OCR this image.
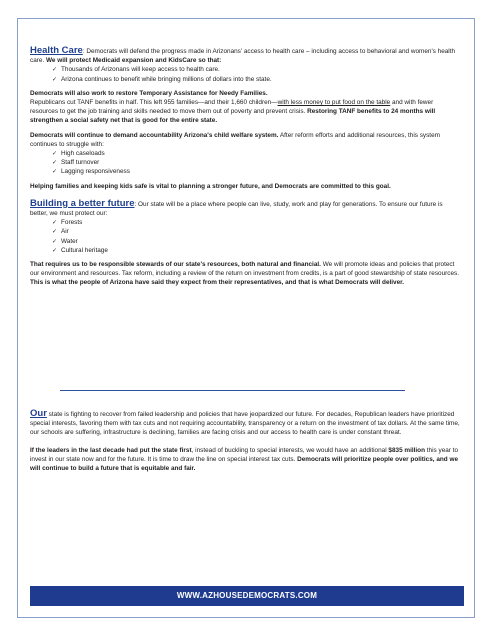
Health Care: Democrats will defend the progress made in Arizonans' access to health care – including access to behavioral and women's health care. We will protect Medicaid expansion and KidsCare so that:

✓ Thousands of Arizonans will keep access to health care.
✓ Arizona continues to benefit while bringing millions of dollars into the state.

Democrats will also work to restore Temporary Assistance for Needy Families.

Republicans cut TANF benefits in half. This left 955 families—and their 1,660 children—with less money to put food on the table and with fewer resources to get the job training and skills needed to move them out of poverty and prevent crisis. Restoring TANF benefits to 24 months will strengthen a social safety net that is good for the entire state.

Democrats will continue to demand accountability Arizona's child welfare system. After reform efforts and additional resources, this system continues to struggle with:

✓ High caseloads
✓ Staff turnover
✓ Lagging responsiveness

Helping families and keeping kids safe is vital to planning a stronger future, and Democrats are committed to this goal.

Building a better future: Our state will be a place where people can live, study, work and play for generations. To ensure our future is better, we must protect our:

✓ Forests
✓ Air
✓ Water
✓ Cultural heritage

That requires us to be responsible stewards of our state's resources, both natural and financial. We will promote ideas and policies that protect our environment and resources. Tax reform, including a review of the return on investment from credits, is a part of good stewardship of state resources. This is what the people of Arizona have said they expect from their representatives, and that is what Democrats will deliver.

Our state is fighting to recover from failed leadership and policies that have jeopardized our future. For decades, Republican leaders have prioritized special interests, favoring them with tax cuts and not requiring accountability, transparency or a return on the investment of tax dollars. At the same time, our schools are suffering, infrastructure is declining, families are facing crisis and our access to health care is under constant threat.

If the leaders in the last decade had put the state first, instead of buckling to special interests, we would have an additional $835 million this year to invest in our state now and for the future. It is time to draw the line on special interest tax cuts. Democrats will prioritize people over politics, and we will continue to build a future that is equitable and fair.

WWW.AZHOUSEDEMOCRATS.COM
